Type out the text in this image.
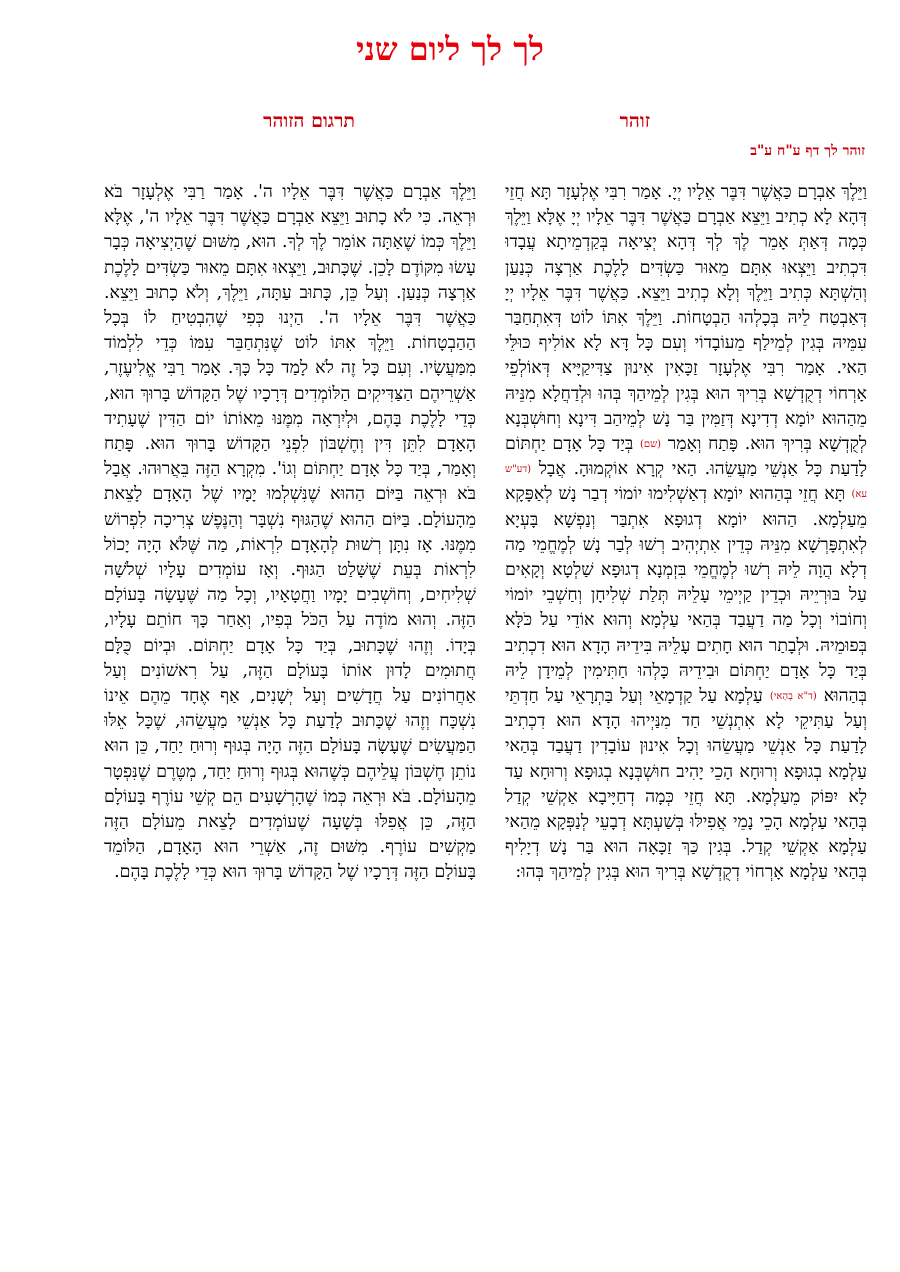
לך לך ליום שני
זוהר
תרגום הזוהר
זוהר לך דף ע"ח ע"ב

וַיֵּלֶךְ אַבְרָם כַּאֲשֶׁר דִּבֶּר אֵלָיו יְיָ. אָמַר רִבִּי אֶלְעָזָר תָּא חֲזֵי דְּהָא לָא כְתִיב וַיֵּצֵא אַבְרָם כַּאֲשֶׁר דִּבֶּר אֵלָיו יְיָ אֶלָּא וַיֵּלֶךְ כְּמָה דְּאַתְּ אָמֵר לֶךְ לְךָ דְּהָא יְצִיאָה בְּקַדְמֵיתָא עֲבָדוּ דִּכְתִיב וַיֵּצְאוּ אִתָּם מֵאוּר כַּשְׂדִּים לָלֶכֶת אַרְצָה כְּנַעַן וְהַשְׁתָּא כְּתִיב וַיֵּלֶךְ וְלָא כְתִיב וַיֵּצֵא. כַּאֲשֶׁר דִּבֶּר אֵלָיו יְיָ דְּאַבְטַח לֵיהּ בְּכָלְהוּ הַבְטָחוֹת. וַיֵּלֶךְ אִתּוֹ לוֹט דְּאִתְחַבַּר עִמֵּיהּ בְּגִין לְמֵילַף מֵעוֹבָדוֹי וְעִם כָּל דָּא לָא אוֹלִיף כּוּלֵּי הַאי. אָמַר רִבִּי אֶלְעָזָר זַכָּאִין אִינוּן צַדִּיקַיָּיא דְּאוֹלְפֵי אָרְחוֹי דְקֻדְשָׁא בְּרִיךְ הוּא בְּגִין לְמֵיהַךְ בְּהוּ וּלְדַחֲלָא מִנֵּיהּ מֵהַהוּא יוֹמָא דְדִינָא דְּזַמִּין בַּר נָשׁ לְמֵיהַב דִּינָא וְחוּשְׁבְּנָא לְקֻדְשָׁא בְּרִיךְ הוּא. פָּתַח וְאָמַר (שם) בְּיַד כָּל אָדָם יַחְתּוֹם לָדַעַת כָּל אַנְשֵׁי מַעֲשֵׂהוּ. הַאי קְרָא אוֹקְמוּהָ. אֲבָל (דע"ש עא) תָּא חֲזֵי בְּהַהוּא יוֹמָא דְאַשְׁלִימוּ יוֹמוֹי דְבַר נָשׁ לְאַפָּקָא מֵעַלְמָא. הַהוּא יוֹמָא דְגוּפָא אִתְבַּר וְנַפְשָׁא בָּעְיָא לְאִתְפָּרְשָׁא מִנֵּיהּ כְּדֵין אִתְיְהִיב רְשׁוּ לְבַר נָשׁ לְמֶחֱמֵי מַה דְלָא הֲוָה לֵיהּ רְשׁוּ לְמֶחֱמֵי בִּזְמְנָא דְגוּפָא שַׁלְטָא וְקָאִים עַל בּוּרְיֵיהּ וּכְדֵין קַיְימֵי עָלֵיהּ תְּלַת שְׁלִיחָן וְחַשְׁבֵי יוֹמוֹי וְחוֹבוֹי וְכָל מַה דַעֲבַד בְּהַאי עַלְמָא וְהוּא אוֹדֵי עַל כֹּלָּא בְּפוּמֵיהּ. וּלְבָתַר הוּא חָתִים עָלֵיהּ בִּידֵיהּ הָדָא הוּא דִכְתִיב בְּיַד כָּל אָדָם יַחְתּוֹם וּבִידֵיהּ כָּלְהוּ חַתִּימִין לְמֵידָן לֵיהּ בְּהַהוּא (ד"א בְהַאי) עַלְמָא עַל קַדְמָאֵי וְעַל בַּתְרָאֵי עַל חַדְתֵּי וְעַל עַתִּיקֵי לָא אִתְנְשֵׁי חַד מִנַּיְיהוּ הָדָא הוּא דִכְתִיב לָדַעַת כָּל אַנְשֵׁי מַעֲשֵׂהוּ וְכָל אִינוּן עוֹבָדִין דַעֲבַד בְּהַאי עַלְמָא בְגוּפָא וְרוּחָא הָכֵי יָהִיב חוּשְׁבְּנָא בְגוּפָא וְרוּחָא עַד לָא יִפּוֹק מֵעַלְמָא. תָּא חֲזֵי כְּמָה דְחַיָּיבָא אַקְשֵׁי קְדַל בְּהַאי עַלְמָא הָכֵי נָמֵי אֲפִילּוּ בְּשַׁעְתָּא דְבָעֵי לְנַפְּקָא מֵהַאי עַלְמָא אַקְשֵׁי קְדַל. בְּגִין כַּךְ זַכָּאָה הוּא בַּר נָשׁ דְיָלִיף בְּהַאי עַלְמָא אָרְחוֹי דְקֻדְשָׁא בְּרִיךְ הוּא בְּגִין לְמֵיהַךְ בְּהוּ:

וַיֵּלֶךְ אַבְרָם כַּאֲשֶׁר דִּבֶּר אֵלָיו ה'. אָמַר רַבִּי אֶלְעָזָר בֹּא וּרְאֵה. כִּי לֹא כָתוּב וַיֵּצֵא אַבְרָם כַּאֲשֶׁר דִּבֶּר אֵלָיו ה', אֶלָּא וַיֵּלֶךְ כְּמוֹ שֶׁאַתָּה אוֹמֵר לֶךְ לְךָ. הוּא, מִשּׁוּם שֶׁהַיְצִיאָה כְּבָר עָשׂוּ מִקּוֹדֶם לָכֵן. שֶׁכָּתוּב, וַיֵּצְאוּ אִתָּם מֵאוּר כַּשְׂדִּים לָלֶכֶת אַרְצָה כְּנַעַן. וְעַל כֵּן, כָּתוּב עַתָּה, וַיֵּלֶךְ, וְלֹא כָתוּב וַיֵּצֵא. כַּאֲשֶׁר דִּבֶּר אֵלָיו ה'. הַיְנוּ כְּפִי שֶׁהִבְטִיחַ לוֹ בְּכָל הַהַבְטָחוֹת. וַיֵּלֶךְ אִתּוֹ לוֹט שֶׁנִּתְחַבֵּר עִמּוֹ כְּדֵי לִלְמוֹד מִמַּעֲשָׂיו. וְעִם כָּל זֶה לֹא לָמַד כָּל כָּךְ. אָמַר רַבִּי אֱלִיעֶזֶר, אַשְׁרֵיהֶם הַצַּדִּיקִים הַלּוֹמְדִים דְּרָכָיו שֶׁל הַקָּדוֹשׁ בָּרוּךְ הוּא, כְּדֵי לָלֶכֶת בָּהֶם, וּלְיִרְאָה מִמֶּנּוּ מֵאוֹתוֹ יוֹם הַדִּין שֶׁעָתִיד הָאָדָם לִתֵּן דִּין וְחֶשְׁבּוֹן לִפְנֵי הַקָּדוֹשׁ בָּרוּךְ הוּא. פָּתַח וְאָמַר, בְּיַד כָּל אָדָם יַחְתּוֹם וְגוֹ'. מִקְרָא הַזֶּה בֵּאֲרוּהוּ. אֲבָל בֹּא וּרְאֵה בַּיּוֹם הַהוּא שֶׁנִּשְׁלְמוּ יָמָיו שֶׁל הָאָדָם לָצֵאת מֵהָעוֹלָם. בַּיּוֹם הַהוּא שֶׁהַגּוּף נִשְׁבָּר וְהַנֶּפֶשׁ צְרִיכָה לִפְרוֹשׁ מִמֶּנּוּ. אָז נִתָּן רְשׁוּת לְהָאָדָם לִרְאוֹת, מַה שֶּׁלֹּא הָיָה יָכוֹל לִרְאוֹת בְּעֵת שֶׁשָּׁלַט הַגּוּף. וְאָז עוֹמְדִים עָלָיו שְׁלֹשָׁה שְׁלִיחִים, וְחוֹשְׁבִים יָמָיו וַחֲטָאָיו, וְכָל מַה שֶּׁעָשָׂה בָּעוֹלָם הַזֶּה. וְהוּא מוֹדֶה עַל הַכֹּל בְּפִיו, וְאַחַר כָּךְ חוֹתֵם עָלָיו, בְּיָדוֹ. וְזֶהוּ שֶׁכָּתוּב, בְּיַד כָּל אָדָם יַחְתּוֹם. וּבְיוֹם כֻּלָּם חֲתוּמִים לָדוּן אוֹתוֹ בָּעוֹלָם הַזֶּה, עַל רִאשׁוֹנִים וְעַל אַחֲרוֹנִים עַל חֲדָשִׁים וְעַל יְשָׁנִים, אַף אֶחָד מֵהֶם אֵינוֹ נִשְׁכָּח וְזֶהוּ שֶׁכָּתוּב לָדַעַת כָּל אַנְשֵׁי מַעֲשֵׂהוּ, שֶׁכָּל אֵלּוּ הַמַּעֲשִׂים שֶׁעָשָׂה בָּעוֹלָם הַזֶּה הָיָה בְּגוּף וְרוּחַ יַחַד, כֵּן הוּא נוֹתֵן חֶשְׁבּוֹן עֲלֵיהֶם כְּשֶׁהוּא בְּגוּף וְרוּחַ יַחַד, מְטֶּרֶם שֶׁנִּפְטָר מֵהָעוֹלָם. בֹּא וּרְאֵה כְּמוֹ שֶׁהָרְשָׁעִים הֵם קְשֵׁי עוֹרֶף בָּעוֹלָם הַזֶּה, כֵּן אֲפִלּוּ בְּשָׁעָה שֶׁעוֹמְדִים לָצֵאת מֵעוֹלָם הַזֶּה מַקְשִׁים עוֹרֶף. מִשּׁוּם זֶה, אַשְׁרֵי הוּא הָאָדָם, הַלּוֹמֵד בָּעוֹלָם הַזֶּה דְּרָכָיו שֶׁל הַקָּדוֹשׁ בָּרוּךְ הוּא כְּדֵי לָלֶכֶת בָּהֶם.
